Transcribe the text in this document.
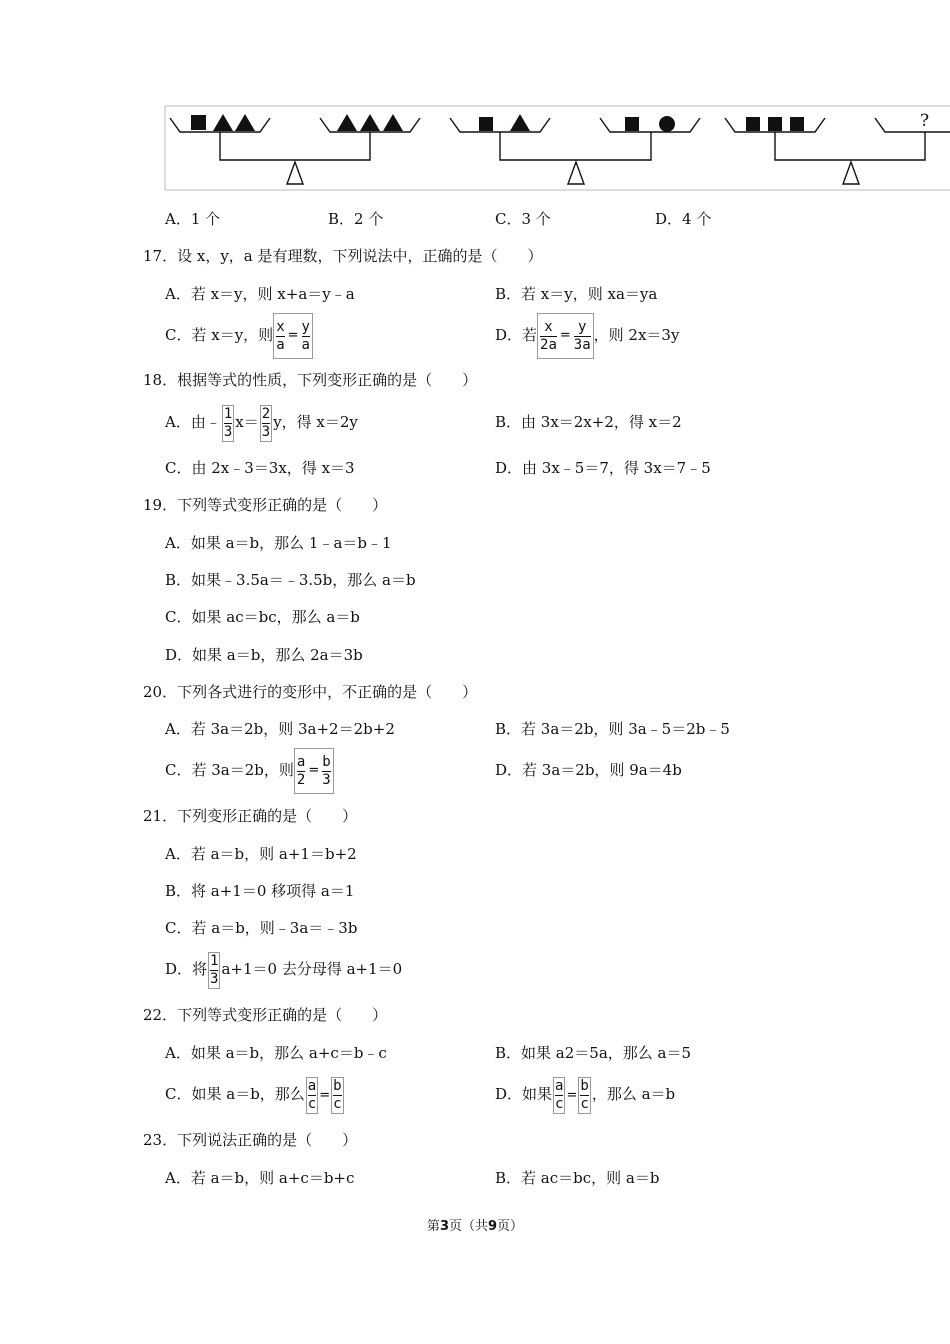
?
A．1 个	B．2 个	C．3 个	D．4 个
17．设 x，y，a 是有理数，下列说法中，正确的是（　　）
A．若 x＝y，则 x+a＝y﹣a	B．若 x＝y，则 xa＝ya
C．若 x＝y，则 $\frac{x}{a} = \frac{y}{a}$	D．若 $\frac{x}{2a} = \frac{y}{3a}$ ，则 2x＝3y
18．根据等式的性质，下列变形正确的是（　　）
A．由﹣ $\frac{1}{3} x= \frac{2}{3}$ y，得 x＝2y	B．由 3x＝2x+2，得 x＝2
C．由 2x﹣3＝3x，得 x＝3	D．由 3x﹣5＝7，得 3x＝7﹣5
19．下列等式变形正确的是（　　）
A．如果 a＝b，那么 1﹣a＝b﹣1
B．如果﹣3.5a＝﹣3.5b，那么 a＝b
C．如果 ac＝bc，那么 a＝b
D．如果 a＝b，那么 2a＝3b
20．下列各式进行的变形中，不正确的是（　　）
A．若 3a＝2b，则 3a+2＝2b+2	B．若 3a＝2b，则 3a﹣5＝2b﹣5
C．若 3a＝2b，则 $\frac{a}{2} = \frac{b}{3}$	D．若 3a＝2b，则 9a＝4b
21．下列变形正确的是（　　）
A．若 a＝b，则 a+1＝b+2
B．将 a+1＝0 移项得 a＝1
C．若 a＝b，则﹣3a＝﹣3b
D．将 $\frac{1}{3} a+1=0$ 去分母得 a+1＝0
22．下列等式变形正确的是（　　）
A．如果 a＝b，那么 a+c＝b﹣c	B．如果 a2＝5a，那么 a＝5
C．如果 a＝b，那么 $\frac{a}{c} = \frac{b}{c}$	D．如果 $\frac{a}{c} = \frac{b}{c}$ ，那么 a＝b
23．下列说法正确的是（　　）
A．若 a＝b，则 a+c＝b+c	B．若 ac＝bc，则 a＝b
第3页（共9页）
